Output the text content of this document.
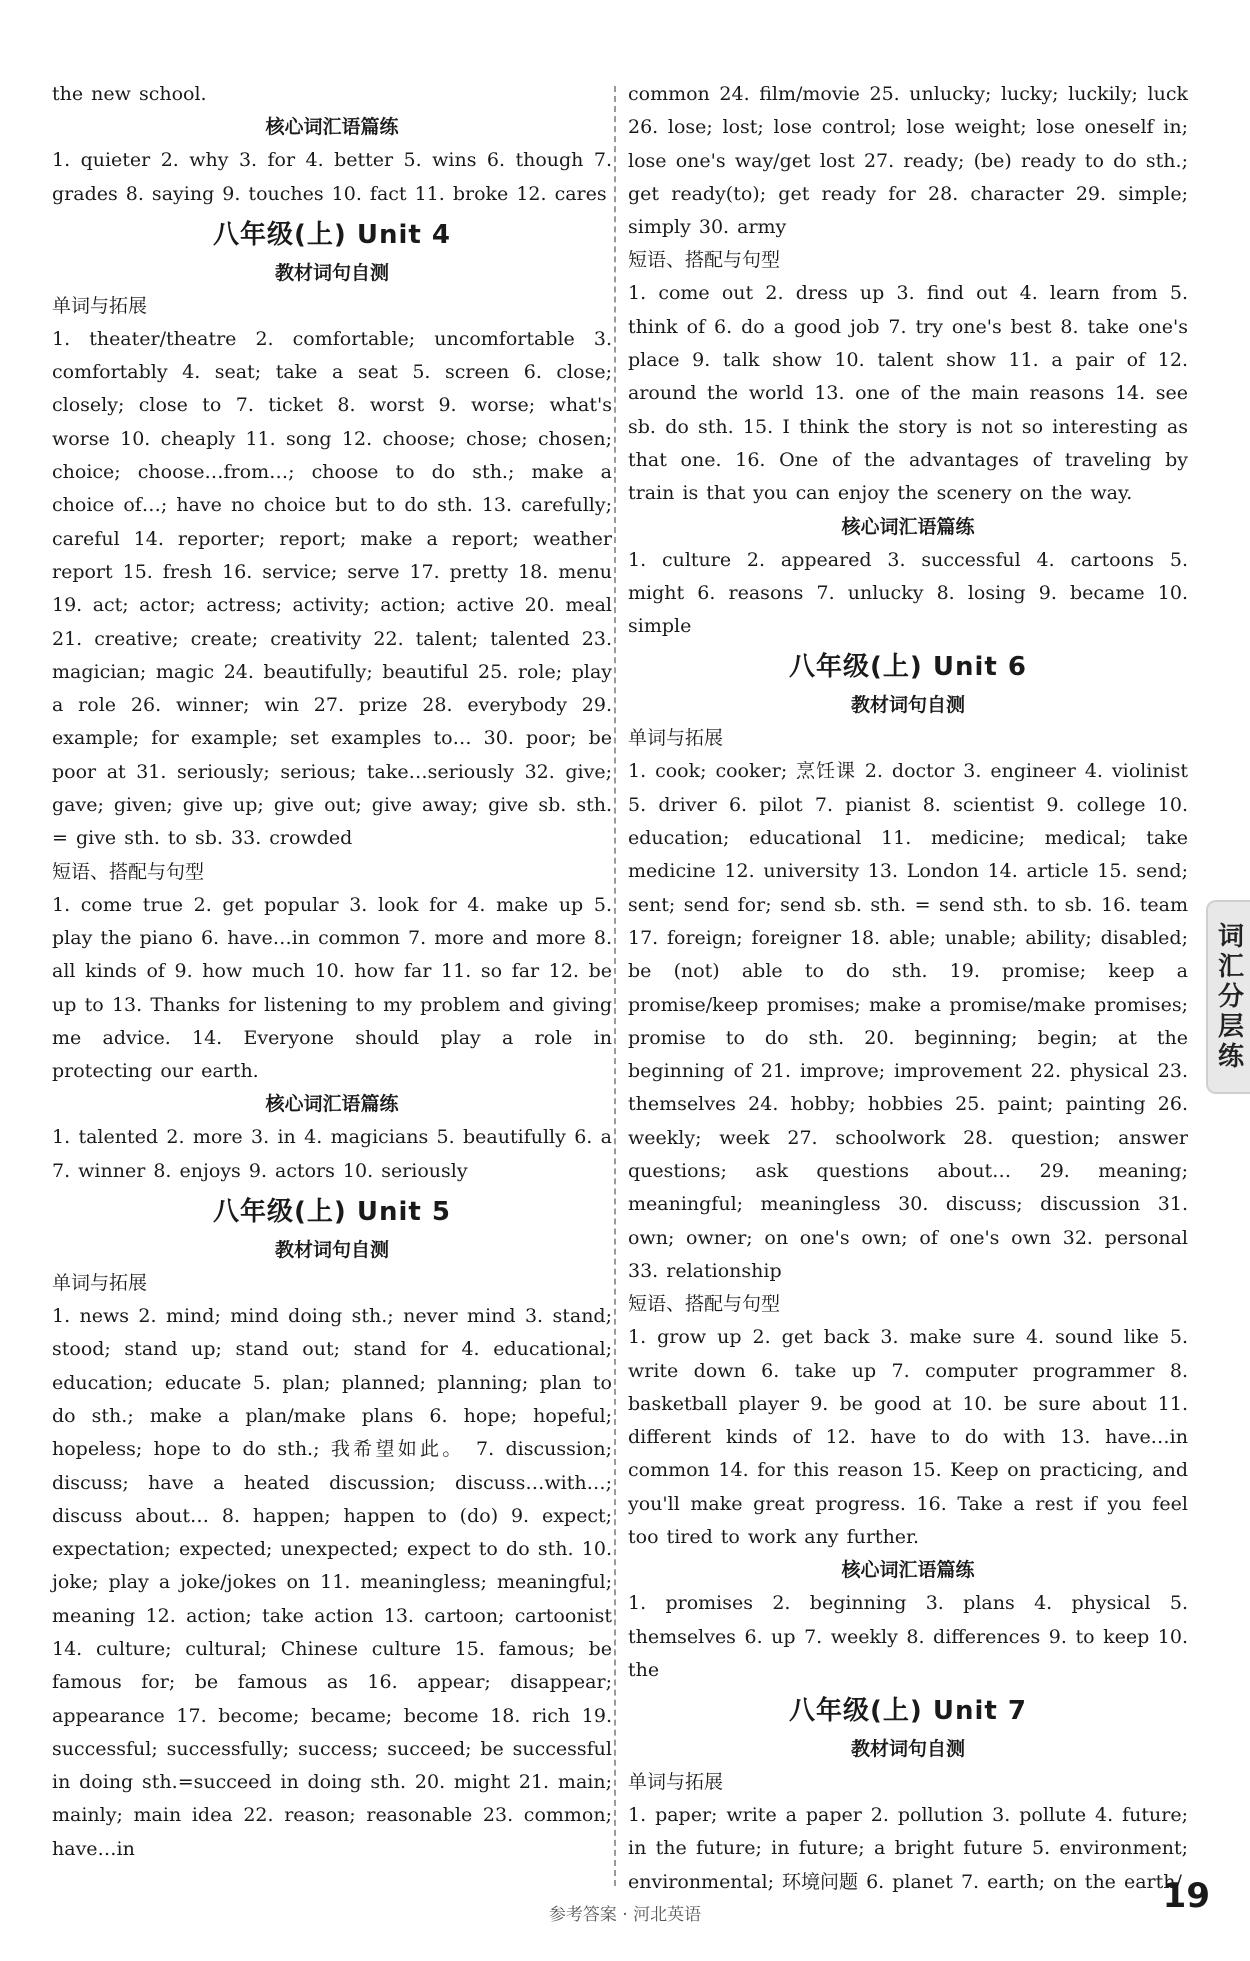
the new school.

核心词汇语篇练

1. quieter 2. why 3. for 4. better 5. wins 6. though 7. grades 8. saying 9. touches 10. fact 11. broke 12. cares

八年级(上) Unit 4
教材词句自测
单词与拓展

1. theater/theatre 2. comfortable; uncomfortable 3. comfortably 4. seat; take a seat 5. screen 6. close; closely; close to 7. ticket 8. worst 9. worse; what's worse 10. cheaply 11. song 12. choose; chose; chosen; choice; choose…from…; choose to do sth.; make a choice of…; have no choice but to do sth. 13. carefully; careful 14. reporter; report; make a report; weather report 15. fresh 16. service; serve 17. pretty 18. menu 19. act; actor; actress; activity; action; active 20. meal 21. creative; create; creativity 22. talent; talented 23. magician; magic 24. beautifully; beautiful 25. role; play a role 26. winner; win 27. prize 28. everybody 29. example; for example; set examples to… 30. poor; be poor at 31. seriously; serious; take…seriously 32. give; gave; given; give up; give out; give away; give sb. sth. = give sth. to sb. 33. crowded

短语、搭配与句型

1. come true 2. get popular 3. look for 4. make up 5. play the piano 6. have…in common 7. more and more 8. all kinds of 9. how much 10. how far 11. so far 12. be up to 13. Thanks for listening to my problem and giving me advice. 14. Everyone should play a role in protecting our earth.

核心词汇语篇练

1. talented 2. more 3. in 4. magicians 5. beautifully 6. a 7. winner 8. enjoys 9. actors 10. seriously

八年级(上) Unit 5
教材词句自测
单词与拓展

1. news 2. mind; mind doing sth.; never mind 3. stand; stood; stand up; stand out; stand for 4. educational; education; educate 5. plan; planned; planning; plan to do sth.; make a plan/make plans 6. hope; hopeful; hopeless; hope to do sth.; 我希望如此。 7. discussion; discuss; have a heated discussion; discuss…with…; discuss about… 8. happen; happen to (do) 9. expect; expectation; expected; unexpected; expect to do sth. 10. joke; play a joke/jokes on 11. meaningless; meaningful; meaning 12. action; take action 13. cartoon; cartoonist 14. culture; cultural; Chinese culture 15. famous; be famous for; be famous as 16. appear; disappear; appearance 17. become; became; become 18. rich 19. successful; successfully; success; succeed; be successful in doing sth.=succeed in doing sth. 20. might 21. main; mainly; main idea 22. reason; reasonable 23. common; have…in

common 24. film/movie 25. unlucky; lucky; luckily; luck 26. lose; lost; lose control; lose weight; lose oneself in; lose one's way/get lost 27. ready; (be) ready to do sth.; get ready(to); get ready for 28. character 29. simple; simply 30. army

短语、搭配与句型

1. come out 2. dress up 3. find out 4. learn from 5. think of 6. do a good job 7. try one's best 8. take one's place 9. talk show 10. talent show 11. a pair of 12. around the world 13. one of the main reasons 14. see sb. do sth. 15. I think the story is not so interesting as that one. 16. One of the advantages of traveling by train is that you can enjoy the scenery on the way.

核心词汇语篇练

1. culture 2. appeared 3. successful 4. cartoons 5. might 6. reasons 7. unlucky 8. losing 9. became 10. simple

八年级(上) Unit 6
教材词句自测
单词与拓展

1. cook; cooker; 烹饪课 2. doctor 3. engineer 4. violinist 5. driver 6. pilot 7. pianist 8. scientist 9. college 10. education; educational 11. medicine; medical; take medicine 12. university 13. London 14. article 15. send; sent; send for; send sb. sth. = send sth. to sb. 16. team 17. foreign; foreigner 18. able; unable; ability; disabled; be (not) able to do sth. 19. promise; keep a promise/keep promises; make a promise/make promises; promise to do sth. 20. beginning; begin; at the beginning of 21. improve; improvement 22. physical 23. themselves 24. hobby; hobbies 25. paint; painting 26. weekly; week 27. schoolwork 28. question; answer questions; ask questions about… 29. meaning; meaningful; meaningless 30. discuss; discussion 31. own; owner; on one's own; of one's own 32. personal 33. relationship

短语、搭配与句型

1. grow up 2. get back 3. make sure 4. sound like 5. write down 6. take up 7. computer programmer 8. basketball player 9. be good at 10. be sure about 11. different kinds of 12. have to do with 13. have…in common 14. for this reason 15. Keep on practicing, and you'll make great progress. 16. Take a rest if you feel too tired to work any further.

核心词汇语篇练

1. promises 2. beginning 3. plans 4. physical 5. themselves 6. up 7. weekly 8. differences 9. to keep 10. the

八年级(上) Unit 7
教材词句自测
单词与拓展

1. paper; write a paper 2. pollution 3. pollute 4. future; in the future; in future; a bright future 5. environment; environmental; 环境问题 6. planet 7. earth; on the earth/

词汇分层练
参考答案 · 河北英语	19
